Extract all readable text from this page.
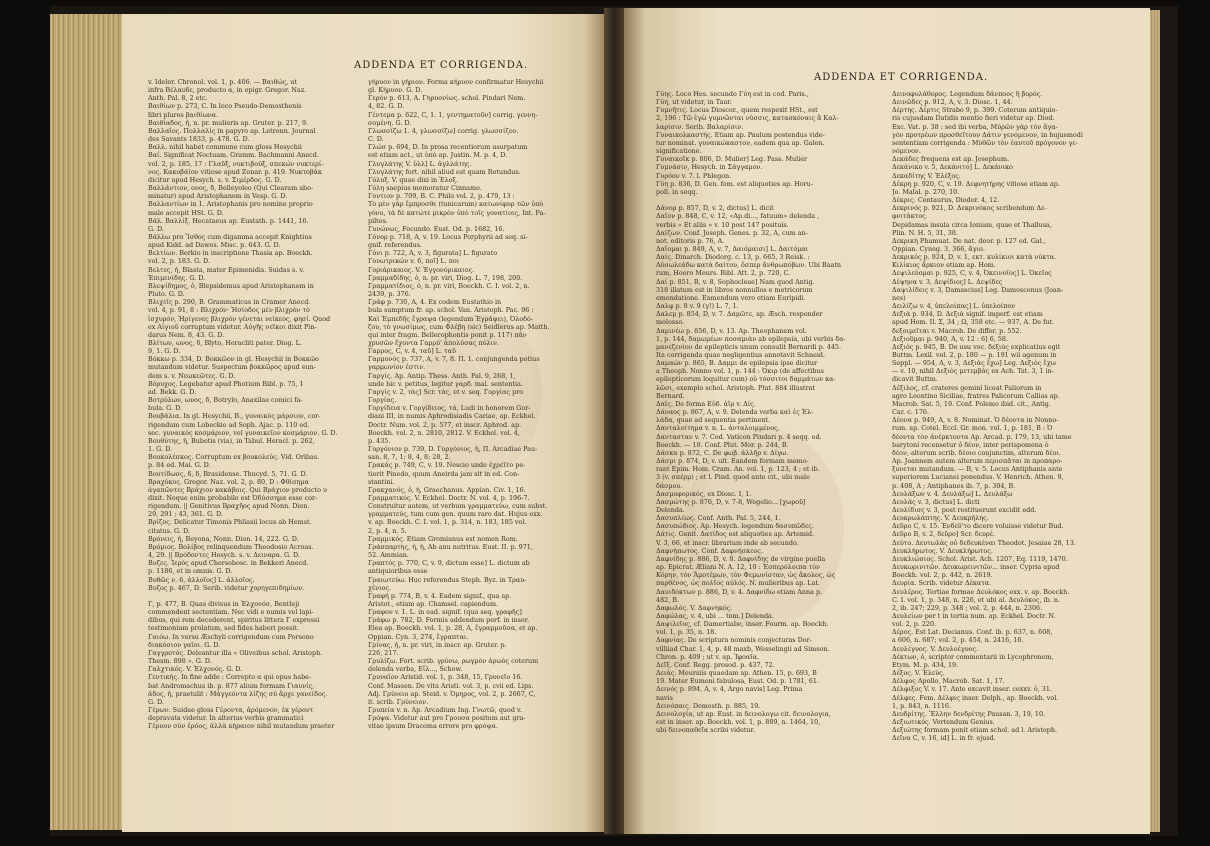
ADDENDA ET CORRIGENDA.

v. Ideler. Chronol. vol. 1, p. 406. — Βαιθώς, ut

infra Βέλαυδε, producto α, in epigr. Gregor. Naz.

Anth. Pal. 8, 2 etc.

Βαιθίων p. 273, C. In loco Pseudo-Demosthenis

libri plures βαιθίωνα.

Βαιθίαδος, ἡ, n. pr. mulieris ap. Gruter. p. 217, 9.

Βαλλαΐος. Πολλαλίς in papyro ap. Letronn. Journal

des Savants 1833, p. 478. G. D.

Βαλλ. nihil habet commune cum gloss Hesychii

Βαί. Significat Noctuam. Gramm. Bachmanni Anecd.

vol. 2, p. 185, 17 : Γλαῦξ, νυκτιβούξ, σπεκών νυκτερί-

νος. Κακοβάϊον vitiose apud Zonar. p. 419. Νυκτοβάκ

dicitur apud Hesych. s. v. Σιμέρδος. G. D.

Βαλλάντιον, ονος, δ, Belleyoleo (Qui Clearam abo-

minatur) apud Aristophanem in Vesp. G. D.

Βαλλαντίων in 1. Aristophanis pro nomine proprio

male accepit HSt. G. D.

Βάλ. Βαλλίξ. Hecataeus ap. Eustath. p. 1441, 16.

G. D.

Βάλλω pro Ἴσθος cum digamma accepit Knightius

apud Kidd. ad Dawes. Misc. p. 643. G. D.

Βελτίων. Berkio in inscriptione Thasia ap. Boeckh.

vol. 2, p. 183. G. D.

Βελτες, ἡ, Blasta, mater Epimenidis. Suidas s. v.

Ἐπιμενίδης. G. D.

Βλεψίδημος, ὁ, Blepsidemus apud Aristophanem in

Pluto. G. D.

Βλιχεῖς p. 290, B. Grammaticus in Cramer Anecd.

vol. 4, p. 91, 8 : Βλιχρόν· Ἡσίοδος μὲν βλιχρὸν τὸ

ἰσχυρόν, Ἠρίγενες βλιχρὸν γένεται νείκεος, φησί. Quod

ex Αἰγιοῦ corruptum videtur. Αὐγῆς νεῖκοι dixit Pin-

darus Nem. 8, 43. G. D.

Βλίτων, ωνος, δ, Blyto, Heracliti pater. Diog. L.

9, 1. G. D.

Βόκκω p. 334, D. Βοκκῶον in gl. Hesychii in Βοκκῶο

mutandum videtur. Suspectum βοκκῶρος apud eun-

dem s. v. Νεωκεῶτες. G. D.

Βόρυχος. Legebatur apud Photium Bibl. p. 75, 1

ad. Bekk. G. D.

Βοτρύλων, ωνος, δ, Botrylo, Anaxilae comici fa-

bula. G. D.

Βουβάλια. In gl. Hesychii, Β., γυναικὸς μάρσιον, cor-

rigendum cum Lobeckio ad Soph. Ajac. p. 110 ed.

sec. γυναικὸς κοσμάριον, vel γυναικεῖον κοσμάριον. G. D.

Βουθύτης, ἡ, Bubetis (via), in Tabul. Heracl. p. 262,

1. G. D.

Βουκολέσκος. Corruptum ex βουκολεύς. Vid. Oribas.

p. 84 ed. Mai. G. D.

Βουτίδωσς, δ, δ, Brasidense. Thucyd. 5, 71. G. D.

Βραχύκος. Gregor. Naz. vol. 2, p. 80, D : Φθίσημα

ἀγαπῶντες Βράχιον κακάβοις. Qui Βράχιον producto υ

dixit. Neque enim probabile est Ὀδύσσημα esse cor-

rigendum. || Genitivus Βραχῆος apud Nonn. Dion.

29, 291 ; 43, 361. G. D.

Βρίζος. Delicatur Timonis Phliasii locus ab Hemst.

citatus. G. D.

Βρόνεις, ἡ, Beyona, Nonn. Dion. 14, 222. G. D.

Βρόμιος. Βολίβος relinquendum Theodosio Acroas.

4, 29. || Βρόδοντες Hesych. s. v. Δειναρα. G. D.

Βυζες. Ἱερὸς apud Chersobosc. in Bekkeri Anecd.

p. 1186, et in omnis. G. D.

Βυθῶς ν. 6, ἀλλοῖος] L. ἀλλοῖος.

Βυζος p. 467, D. Serib. videtur χορηγεπιδημίων.

Γ, p. 477, B. Quas divisus in Ἐλχονόσ, Bentleji

commendent sectentiam. Nec vidi e numis vel lapi-

dibus, qui rem decederent, spiritus littera Γ expressi

testimonium prolatum, sed fides haberi possit.

Γαιόω. In versu Æschyli corrigendum cum Porsono

διακόσιον γαῖοι. G. D.

Γαγγροτός. Deleantur illa « Oliveibus schol. Aristoph.

Thesm. 898 ». G. D.

Γαλχτικός. V. Ἐλχονός. G. D.

Γεντικής. In fine adde : Correpto α qui opus habe-

bat Andromachus ib. p. 877 alium formam Γιαυνίς,

ἀδος, ἡ, praetulit : Μάγγεόντα λίζης σύ ἄρχε γανείδος.

G. D.

Γέρων. Suidae gloss Γέροντα, ἀρόμενον, ἐκ γέροντ

depravata videtur. In alterius verbis grammatici

Γέρυον σὺν ἐρόος, ἀλλὰ κήραιον nihil mutandum praeter

γήρυον in γήριον. Forma κήρυον confirmatur Hesychii

gl. Κήρυον. G. D.

Γερόν p. 613, A. Γηρυονίως. schol. Pindari Nem.

4, 82. G. D.

Γέντεμα p. 622, C, 1. 1, γεντηματοῦν] corrig. γεννη-

σομένη. G. D.

Γλωσσίζω 1. 4, γλωσσίζω] corrig. γλωσσίζον.

C. D.

Γλώσ p. 694, D. In prosa recentiorum usurpatum

est etiam act., ut ὑπὸ ap. Justin. M. p. 4, D.

Γλυγλάτης V. ὑλλ] L. ἀγλλάτης.

Γλυγλάτης fort. nihil aliud est quam Rotundus.

Γόλυξ. V. quae dixi in Ἑλοξ.

Γόλη saepius memoratur Cinnamo.

Γοντιον p. 709, B. C. Philo vol. 2, p. 479, 13 :

Τὸ μὲν γὰρ ἔμπροσθε (tunicarum) κατωνίφυρ τῶν ὑπὸ

γόνυ, τὰ δὲ κατώτε μικρὸν ὑπὸ τοῖς γονατίοις, Int. Pa-

piltes.

Γυνώνως, Focundo. Eust. Od. p. 1682, 16.

Γόνορ p. 718, A, v. 19. Locus Porphyrii ad seq. si-

gnif. referendus.

Γόνι p. 722, A, v. 3, figurata] L. figurato

Γονωτρικών v. 6, ποῖ] L. ποι

Γοριάρικαιος. V. Ἐγγονόρικαιος.

Γραμμαδίδης, ὁ, n. pr. viri, Diog. L. 7, 198, 200.

Γραμματίδιος, ὁ, n. pr. viri, Boeckh. C. I. vol. 2, n.

2439, p. 376.

Γράφ p. 730, A, 4. Ex codem Eustathio in

bula sumptum fr. ap. schol. Van. Aristoph. Pac. 96 :

Καὶ Ἐμπεδῆς ἔγραψα (legendum Ἐγράψει), Ὀλοδό-

ζου, τὸ γνωσίμως, cum Φλέβη (sic) Seidlerus ap. Matth.

qui inter fragm. Bellerophontis ponit p. 117) πᾶν

χρυσῶν ἔχοντα Γαρρύ' ἀπολύσας πόλιν.

Γαρρος, C, v. 4, ταῦ] L. ταῦ

Γαρμονός p. 737, A, v. 7, 8. Π. 1. conjungenda potius

γαρμωνίον ἐστιν.

Γαργίς. Ap. Antip. Thess. Anth. Pal. 9, 268, 1,

unde hic v. petitus, legitur γαρδ. mal. sententia.

Γαργίς v. 2, τὰς] Scr. τὰς, et v. seq. Γοργίας pro

Γοργίας.

Γοργίδεια v. Γοργίδειος, τά, Ludi in honorem Gor-

diani III, in numis Aphrodisiadis Cariae, ap. Eckhel.

Doctr. Num. vol. 2, p. 577, et inscr. Aphrod. ap.

Boeckh. vol. 2, n. 2810, 2812. V. Eckhel. vol. 4,

p. 435.

Γοργόνιον p. 739, D. Γοργόνιος, ἡ, Π. Arcadiae Pau-

san. 8, 7, 1; 8, 4, 8; 28, 2.

Γρακάς p. 749, C, v. 19. Nescio unde ἐχρεῖτο pe-

tierit Pinedo, quum Aneirda jam sit in ed. Con-

stantini.

Γρακχανός, ὁ, ἡ, Graechanus. Appian. Civ. 1, 16.

Γραμματικός. V. Eckhel. Doctr. N. vol. 4, p. 196-7.

Construitur autem, ut verbum γραμματεύω, cum subst.

γραμματεύς, tum cum gen. quum raro dat. Hujus exx.

v. ap. Boeckh. C. I. vol. 1, p. 314, n. 183, 185 vol.

2, p. 4, n. 5.

Γραμμικός. Etiam Gromianus est nomen Rom.

Γράσπαρτης, ἡ, ἡ, Ab anu nutritus. Eust. II. p. 971,

52. Ammian.

Γραπτός p. 770, C, v. 9, dictum esse] L. dictum ab

antiquioribus esse

Γραιωτεύω. Huc referendus Steph. Byz. in Τραυ-

χένιος.

Γραφή p. 774, B, v. 4. Eadem signif., qua ap.

Aristot., etiam ap. Chamsel. capiendum.

Γραφον v. 1. L. in ead. signif. (qua seq. γραφῆς]

Γράφω p. 782, D. Formis addendum perf. in inser.

Elea ap. Boeckh. vol. 1, p. 28, A, ἔγραμμοῦσα, et ap.

Oppian. Cyn. 3, 274, ἔγραπται.

Γρίνας, ἡ, n. pr. viri, in inscr. ap. Gruter. p.

226, 217.

Γρυλίζω. Fort. scrib. γρύνω, ρωγμὸν ἀρωὸς coterum

delenda verba, Εἶλ..., Schow.

Γρυναΐον Aristid. vol. 1, p. 348, 15, Γρυνεῖο 16.

Conf. Massen. De vita Aristi. vol. 3, p. cvii ed. Lips.

Adj. Γρύνειο ap. Steid. v. Ὀμηρος, vol. 2, p. 2667, C,

it. scrib. Γρύνειον.

Γρυπεία v. n. Ap. Arcadium Ing. Γνωτῶ, quod v.

Γρόψα. Videtur aut pro Γρουσα positum aut gra-

vitae ipsum Dracoma errore pro φρόψα.

ADDENDA ET CORRIGENDA.

Γύης. Loco Hes. secundo Γύη est in cod. Paris.,

Γύη, ut videtur, in Taur.

Γυμνῆτις. Locus Dioscor., quem respexit HSt., est

2, 196 : Τῶ ἐγὼ γυμνῶνται νύσσις, κατασκόναις ἃ Καλ-

λαρίσιν. Serib. Βαλαρίσιν.

Γυναικολκαστής. Etiam ap. Paulum postendus vide-

tur nominat. γυναικώκαστον, eadem qua ap. Galen.

significatione.

Γυναικοῖκ p. 806, D. Mulier] Leg. Pass. Mulier

Γυμνάσιν, Hesych. in Σάγγαμον.

Γυρόον v. 7. l. Phlegon.

Γύη p. 836, D. Gen. fem. est aliquoties ap. Horu-

poll. in seqq.

Δάνορ p. 857, D, v. 2, dictus] L. dicit

Δαῖον p. 848, C, v. 12, «Ap.di..., fatuum» delenda ,

verbis « Et aliis » v. 10 post 147 posituis.

Δαίζων. Conf. Joseph. Genes. p. 32, A, cum an-

not. editoris p. 76, A.

Δαΐομαι p. 849, A, v. 7, Δαιόμαισι] L. Δαιτόμαι

Δαίς. Dinarch. Diodorg. c. 13, p. 665, 3 Reisk. :

Αὐσωλεάδω κατὰ δαίτου, ὅσπερ ἄνθρωπόβων. Ubi Baatn

rum, Hoero Meurs. Bibl. Att. 2, p. 720, C.

Δαί p. 851, B, v. 8, Sophocleae] Nam quod Antig.

318 illatum est in libros nonnullos e metricorum

emendatione. Eamendum vero etiam Euripidi.

Δαλφ p. 8 v. 9 (γ!) L. 7, 1.

Δαλεμ p. 854, D, v. 7. Δαμῶτε, ap. Æsch. responder

molosso.

Δαμινέω p. 856, D, v. 13. Ap. Theophanem vol.

1, p. 144, δαμωμέων ποσαμιὰν ab epilepsia, ubi verbis δα-

μανεζενίου de epilepticis unum consulit Bernardi p. 445.

Ita corrigenda quae negligentius annotavit Schneid.

Δαμαών p. 865, B. Δαμμι de epilepsia ipse dicitur

a Theoph. Nonno vol. 1, p. 144 : Ὁκιρ (de affectibus

epilepticorum loquitur cum) οὐ τόσσιτοι δαμμάτων κα-

λῶσι, exemplo schol. Aristoph. Plut. 884 illustrat

Bernard.

Δαΐς. De forma Εὐδ. ἀΐρ v. Δίς.

Δάναος p. 867, A, v. 9. Delenda verba καὶ ἐς Ἑλ-

λάδα, quae ad sequentia pertinent.

Δανταλοίτημα v. n. L. ἀνταλοιμμένος.

Δαντασταν v. 7. Cod. Vaticon Pindari p. 4 seqq. ed.

Boeckh. — 10. Conf. Plut. Mor. p. 244, B.

Δάσκα p. 872, C. De φωβ. ἀλλῆρ v. Δίγω.

Δάσμι p. 874, D, v. ult. Eandem formam memo-

rant Epim. Hom. Cram. An. vol. 1, p. 123, 4 ; et ib.

3 (v. σπέρμ) ; et l. Pind. quod ante cit., ubi male

δάσμου.

Δασμοφορικός, ex Diosc. I, 1.

Δασμώτης p. 876, D, v. 7-8, Wegelio... [χωροῦ]

Delenda.

Δασυπλέως. Conf. Anth. Pal. 5, 244, 1.

Δασυπώδιος. Ap. Hesych. legendum δασυπῶδες.

Δάτις. Genit. Δατίδος est aliquoties ap. Artemid.

V. 3, 66, et inscr. librarium inde ab secundo.

Δαφνήπωτος. Conf. Δαφνήσκεος.

Δαφνίδης p. 886, D, v. 8. Δαφνίδης de virgine puella

ap. Epicrat. Æliani N. A. 12, 10 : Ἐσπερόλοιπα τὸν

Κόρην, τὸν Ἀμοτέμων, τὸν Φεμωνίσταν, ὡς ἄκολος, ὡς

παρθένος, ὡς πολῖος αὐλός. N. mulieribus ap. Lat.

Δαυιδόκτων p. 886, D, v. 4. Δαφνίδω etiam Anna p.

482, B.

Δαφωλός. V. Δαφνηκός.

Δαφώλας, v. 4, ubi ... tom.] Delenda.

Δαψιλεῖος, cf. Damertiabe, inser. Fourm. ap. Boeckh.

vol. 1, p. 35, n. 18.

Δαφνίας. De scriptura nominis conjecturas Dor-

villiiad Char. 1, 4, p. 48 maxb, Wesselingii ad Simson.

Chron. p. 409 ; ut v. ap. Ἰφοαῖα.

Δεῖξ. Conf. Regg. prosod. p. 437, 72.

Δειάς. Meursiis quaedam ap. Athen. 15, p. 693, B

19. Mater Eumeni fabulosa, Eust. Od. p. 1781, 61.

Δεινός p. 894, A, v. 4, Argo navis] Leg. Prima

navis

Δεινόπαις. Demosth. p. 885, 19.

Δεινολογία, ut ap. Eust. in δεινολογω cit. δεινολογια,

est in inser. ap. Boeckh. vol. 1, p. 889, n. 1464, 10,

ubi δεινοπαθεῖα scribi videtur.

Δεινοφυλάθορος. Legendum δάνποος ἢ βορός.

Δεινῶδες p. 912, A, v. 3. Diosc. 1, 44.

Δέρτης. Δέρτις Strabo 9, p. 399. Coterum antiquio-

ris cujusdam Datidis mentio fieri videtur ap. Diod.

Exc. Vat. p. 38 : sed ibi verba, Μύρῶν γὰρ τὸν ἄγα-

γὸν προτρέων προσθεῖτουν Δάτιν γενόμενον, in hujusmodi

sententiam corrigenda : Μὺθῶν τὸν ἑαυτοῦ πρόγονον γε-

νόμενον.

Δεκάδες frequens est ap. Josephum.

Δεκάνικο v. 5, Δεκάνιτο] L. Δεκάνικο

Δεκαδίτης V. Ἑλέξος.

Δέκρη p. 920, C, v. 19. Δεφνητήρης vitiose etiam ap.

Jo. Malal. p. 270, 10.

Δέκρις. Centaurus, Diodor. 4, 12.

Δεκρινός p. 921, D. Δεκρινόκος scribendum Δε-

φνιτάκτος.

Depidamas insula circa Ioniam, quae et Thallusa,

Plin. N. H. 5, 31, 38.

Δεκρικὴ Phamuat. De nat. deor. p. 127 ed. Gal.,

Oppian. Cyneg. 3, 366, ἄγιο.

Δεκρικός p. 924, D, v. 1, εκτ. κυλίκιοι κατὰ νύκτα.

Κιλίκιος ἄρκιον etiam ap. Hom.

Δεψιλεύομαι p. 925, C, v. 4, Ὀκεινοῖος] L. Ὀκεῖος

Δέψηνα v. 3, Δεψίδιος] L. Δεψίδες

Δαψιλίδεις v. 3, Damascius] Leg. Damoscenus (Joan-

nes)

Δειλίζω v. 4, ὑπελοίπας] L. ὑπελοίπον

Δεξιὰ p. 934, D. Δεξιὰ signif. imperf. est etiam

apud Hom. Il. Σ, 34 ; Ω, 358 etc. — 937, A. De fut.

δεξοιμεῖται v. Macrob. De differ. p. 552.

Δεξιοῦμαι p. 940, A, v. 12 : 6] 6, 58.

Δεξιὸς p. 945, B. De usu voc. δεξιὸς explicatius egit

Buttm. Lexil. vol. 2, p. 180 — p. 191 wii agenum in

Seppl. — 954, A, v. 3, Δεξιὰς ἔχω] Leg. Δεξιὸς ἔχω

— v. 10, nihil Δεξιὸς μετεμβάς ex Ach. Tat. 3, 1 in-

dicavit Buttm.

Δέξιλος, cf. crateres geminí liceat Paliorum in

agro Leontino Siciliae, fratres Palicorum Callias ap.

Macrob. Sat. 5, 19. Conf. Polemo ibid. cit., Antig.

Car. c. 176.

Δέονα p. 949, A, v. 8. Nominat. Ὁ δέοντα in Nonno-

rum. ap. Cotel. Eccl. Gr. mon. vol. 1, p. 181, B : Ὁ

δέοντα τὸν ἀνέρκτοντα Ap. Arcad. p. 179, 13, ubi tame

barytoni recensetur ὁ δέον, inter perispomena ὁ

δέον, alterum scrib. δέοιο conjunctim, alterum δέοι.

Ap. Joannem autem alterum περισπᾶται in προπαρο-

ξυνεται mutandum. — B, v. 5. Locus Antiphanis ante

superiorem Lucianei ponendus. V. Henrich. Athen. 9,

p. 408, A ; Antiphanes ib. 7, p. 304, B.

Δευλάξων v. 4. Δευλάξω] L. Δευλάξω

Δευλάς v. 3, dictus] L. dicti

Δευλίδισς v. 3, post restituerunt excidit edd.

Δευκρωλάπτης. V. Δευκρήλης.

Δεῦρο C, v. 15. Ἐνδεῦ'το dicere voluisse videtur Bud.

Δεῦρο B, v. 2, δεῦρο] Scr. δευρέ.

Δεύτο. Δευτωλὰς οὐ δεδευκέναι Theodot. Jesaiae 28, 13.

Δευκλήρωτος. V. Δευκλήρωτος.

Δευκλιώσιος. Schol. Arist. Ach. 1207, Eq. 1119, 1470.

Δευκωρινιτῶν. Δευκωρεινιτῶν... inser. Cypria apud

Boeckh. vol. 2, p. 442, n. 2619.

Δευρία. Scrib. videtur Δέκατα.

Δευλέρος. Tertiae formae Δευλόκος exx. v. ap. Boeckh.

C. I. vol. 1, p. 348, n. 226, et ubi al. Δευλόκος, ib. n.

2, ib. 247; 229, p. 348 ; vol. 2, p. 444, n. 2306.

Δευλείων per t in tertia num. ap. Eckhel. Doctr. N.

vol. 2, p. 220.

Δέρος. Est Lat. Decianus. Conf. ib. p. 637, n. 608,

a 606, n. 687; vol. 2, p. 454, n. 2416, 16.

Δευλέγυος. V. Δευλοέγυος.

Δέκτων, ὁ, scriptor commentarii in Lycophronem,

Etym. M. p. 434, 19.

Δέξος. V. Ἑλεύς.

Δέλφος Apollo, Macrob. Sat. 1, 17.

Δέλφιξος V. v. 17. Ante excavit inser. cexxv. ὁ, 31.

Δέλφες. Fem. Δέλφις inser. Delph., ap. Boeckh. vol.

1, p. 843, n. 1116.

Δευδρίτης. Ἔλλην δενδρίτης Pausan. 3, 19, 10.

Δεξιωτικός. Vertendum Genius.

Δεξιώτης formam ponit etiam schol. ad l. Aristoph.

Δεῖνα C, v. 16, id] L. in fr. ejusd.
